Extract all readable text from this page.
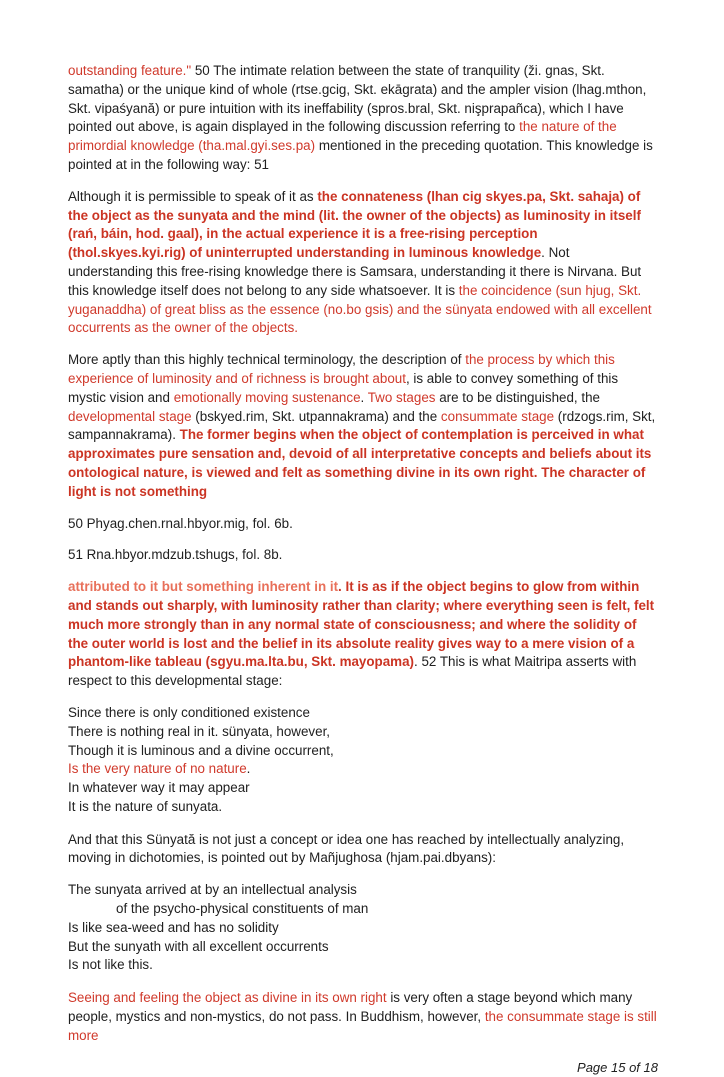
outstanding feature." 50 The intimate relation between the state of tranquility (ži. gnas, Skt. samatha) or the unique kind of whole (rtse.gcig, Skt. ekāgrata) and the ampler vision (lhag.mthon, Skt. vipaśyană) or pure intuition with its ineffability (spros.bral, Skt. nişprapañca), which I have pointed out above, is again displayed in the following discussion referring to the nature of the primordial knowledge (tha.mal.gyi.ses.pa) mentioned in the preceding quotation. This knowledge is pointed at in the following way: 51

Although it is permissible to speak of it as the connateness (lhan cig skyes.pa, Skt. sahaja) of the object as the sunyata and the mind (lit. the owner of the objects) as luminosity in itself (rań, báin, hod. gaal), in the actual experience it is a free-rising perception (thol.skyes.kyi.rig) of uninterrupted understanding in luminous knowledge. Not understanding this free-rising knowledge there is Samsara, understanding it there is Nirvana. But this knowledge itself does not belong to any side whatsoever. It is the coincidence (sun hjug, Skt. yuganaddha) of great bliss as the essence (no.bo gsis) and the sünyata endowed with all excellent occurrents as the owner of the objects.

More aptly than this highly technical terminology, the description of the process by which this experience of luminosity and of richness is brought about, is able to convey something of this mystic vision and emotionally moving sustenance. Two stages are to be distinguished, the developmental stage (bskyed.rim, Skt. utpannakrama) and the consummate stage (rdzogs.rim, Skt, sampannakrama). The former begins when the object of contemplation is perceived in what approximates pure sensation and, devoid of all interpretative concepts and beliefs about its ontological nature, is viewed and felt as something divine in its own right. The character of light is not something

50 Phyag.chen.rnal.hbyor.mig, fol. 6b.

51 Rna.hbyor.mdzub.tshugs, fol. 8b.

attributed to it but something inherent in it. It is as if the object begins to glow from within and stands out sharply, with luminosity rather than clarity; where everything seen is felt, felt much more strongly than in any normal state of consciousness; and where the solidity of the outer world is lost and the belief in its absolute reality gives way to a mere vision of a phantom-like tableau (sgyu.ma.lta.bu, Skt. mayopama). 52 This is what Maitripa asserts with respect to this developmental stage:

Since there is only conditioned existence
There is nothing real in it. sünyata, however,
Though it is luminous and a divine occurrent,
Is the very nature of no nature.
In whatever way it may appear
It is the nature of sunyata.

And that this Sünyată is not just a concept or idea one has reached by intellectually analyzing, moving in dichotomies, is pointed out by Mañjughosa (hjam.pai.dbyans):

The sunyata arrived at by an intellectual analysis
of the psycho-physical constituents of man
Is like sea-weed and has no solidity
But the sunyath with all excellent occurrents
Is not like this.

Seeing and feeling the object as divine in its own right is very often a stage beyond which many people, mystics and non-mystics, do not pass. In Buddhism, however, the consummate stage is still more

Page 15 of 18
